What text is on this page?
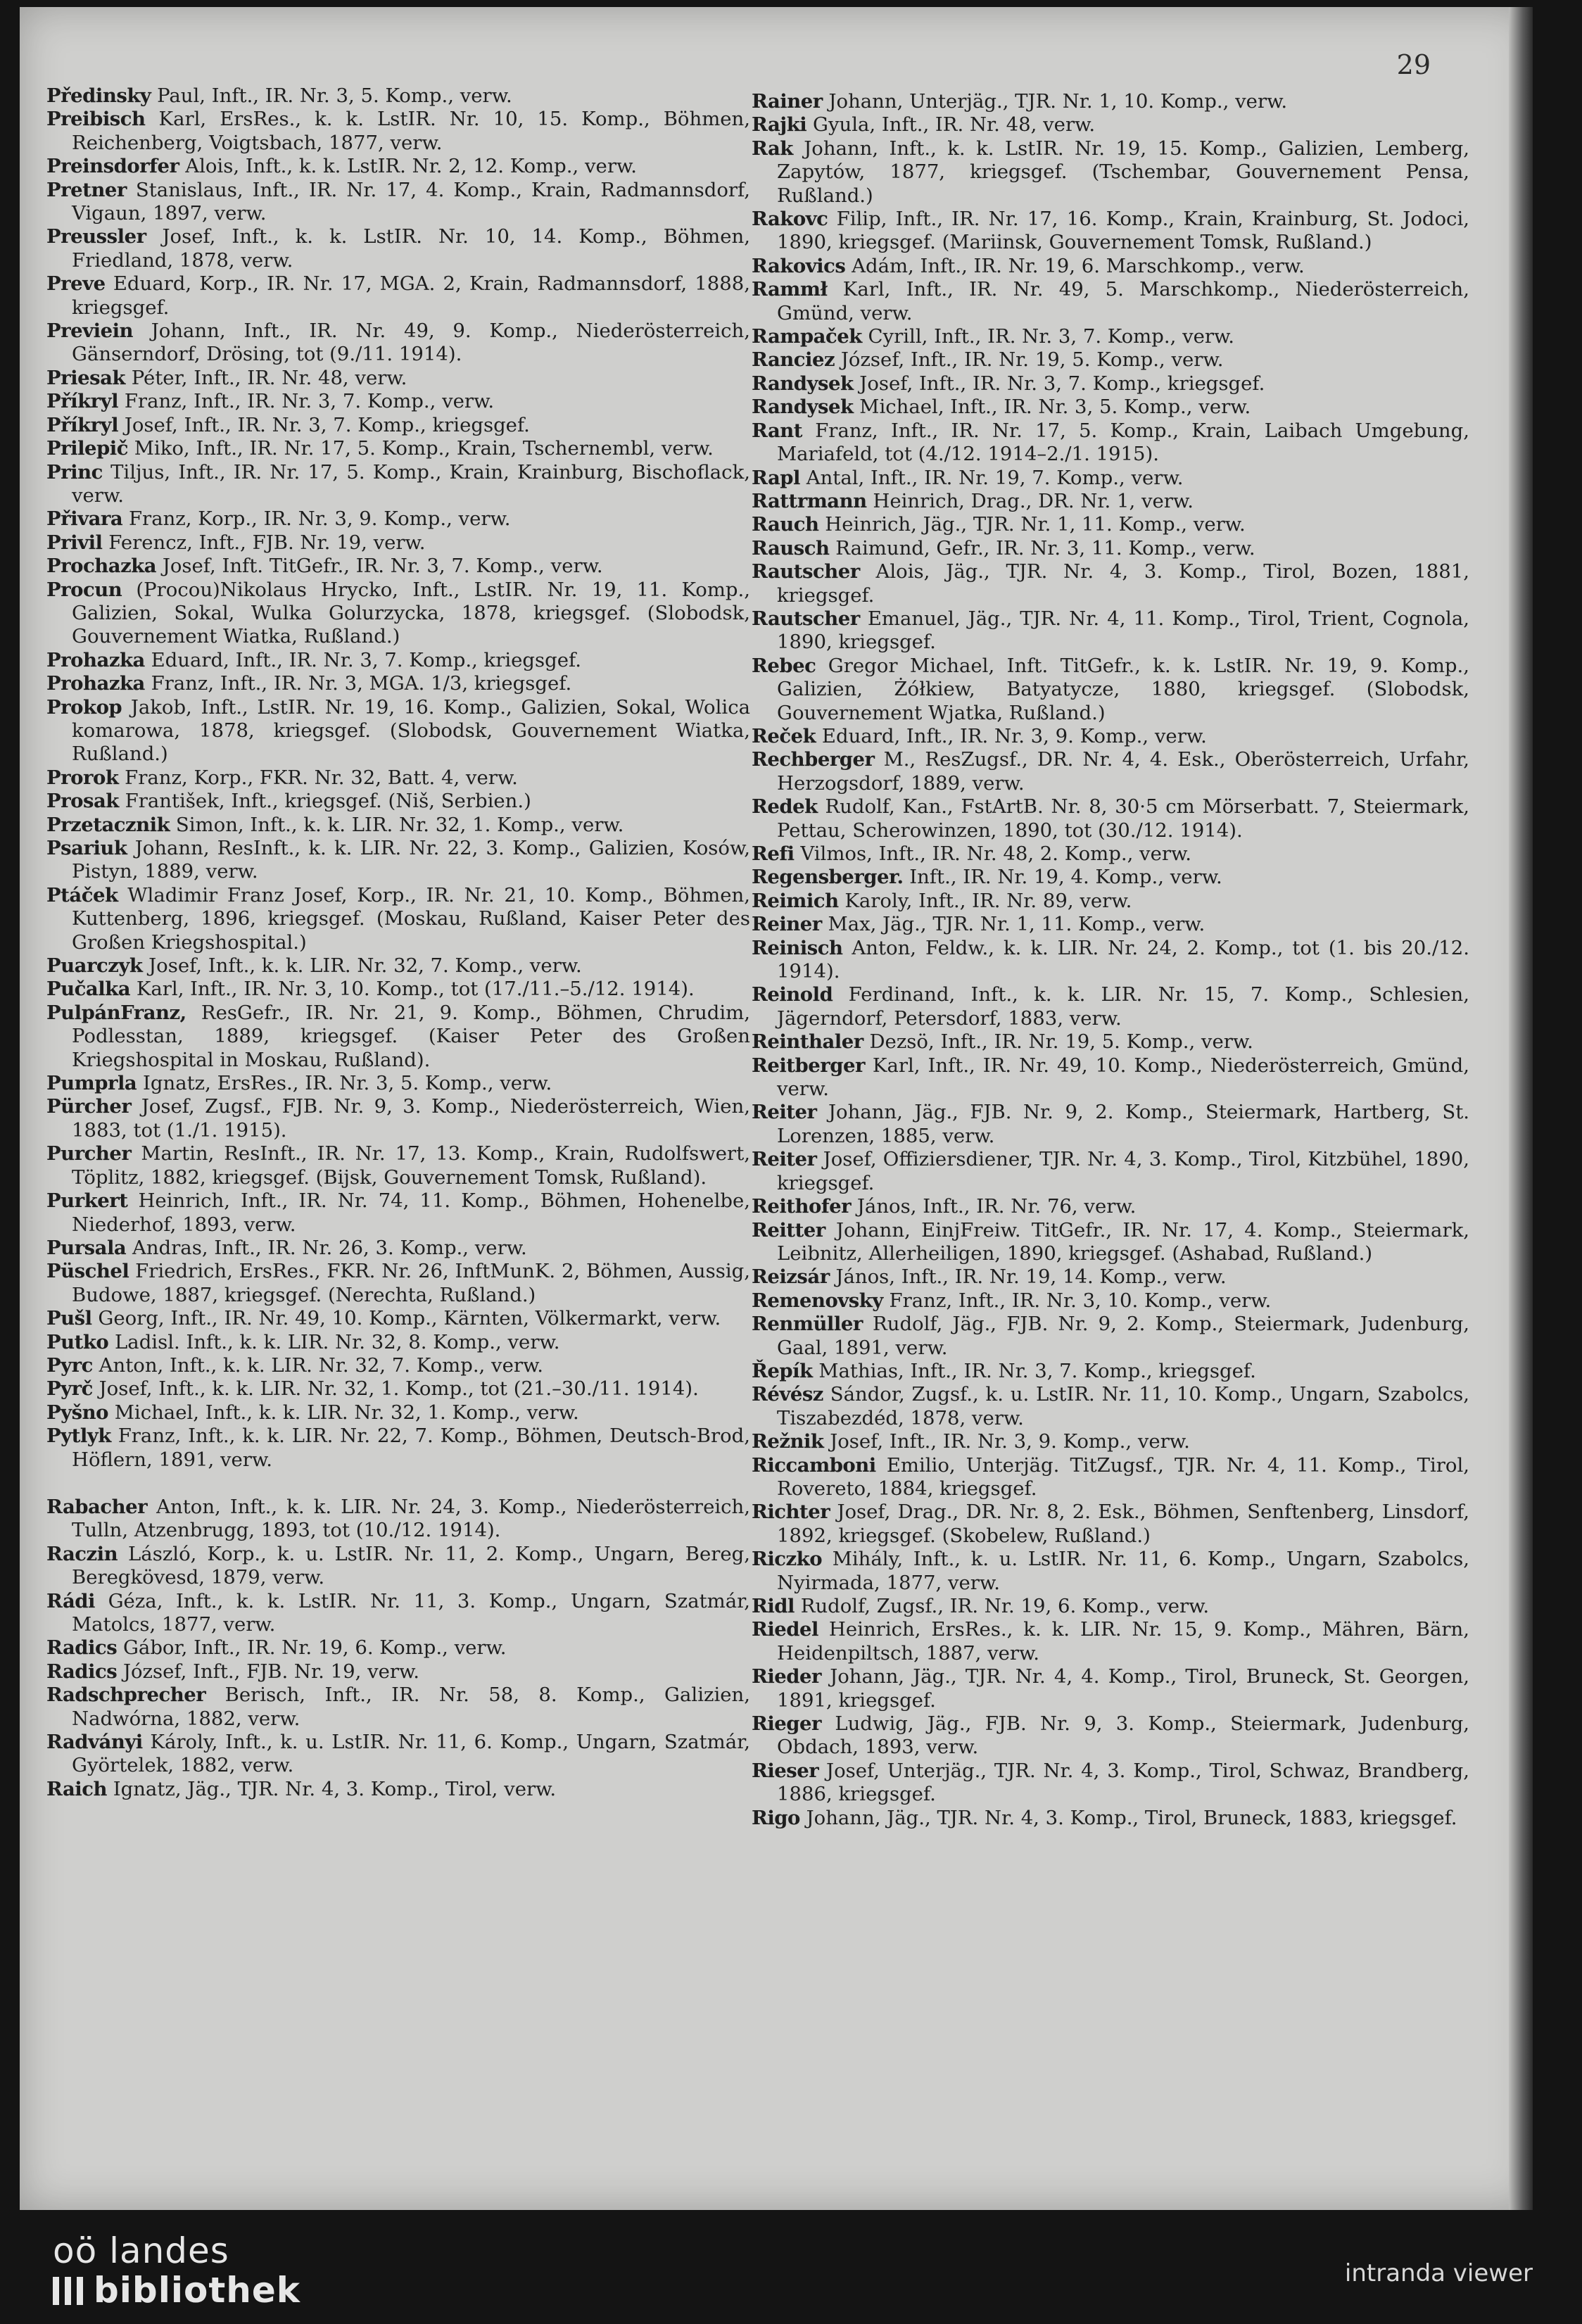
29

Předinsky Paul, Inft., IR. Nr. 3, 5. Komp., verw.

Preibisch Karl, ErsRes., k. k. LstIR. Nr. 10, 15. Komp., Böhmen, Reichenberg, Voigtsbach, 1877, verw.

Preinsdorfer Alois, Inft., k. k. LstIR. Nr. 2, 12. Komp., verw.

Pretner Stanislaus, Inft., IR. Nr. 17, 4. Komp., Krain, Radmannsdorf, Vigaun, 1897, verw.

Preussler Josef, Inft., k. k. LstIR. Nr. 10, 14. Komp., Böhmen, Friedland, 1878, verw.

Preve Eduard, Korp., IR. Nr. 17, MGA. 2, Krain, Radmannsdorf, 1888, kriegsgef.

Previein Johann, Inft., IR. Nr. 49, 9. Komp., Niederösterreich, Gänserndorf, Drösing, tot (9./11. 1914).

Priesak Péter, Inft., IR. Nr. 48, verw.

Příkryl Franz, Inft., IR. Nr. 3, 7. Komp., verw.

Příkryl Josef, Inft., IR. Nr. 3, 7. Komp., kriegsgef.

Prilepič Miko, Inft., IR. Nr. 17, 5. Komp., Krain, Tschernembl, verw.

Princ Tiljus, Inft., IR. Nr. 17, 5. Komp., Krain, Krainburg, Bischoflack, verw.

Přivara Franz, Korp., IR. Nr. 3, 9. Komp., verw.

Privil Ferencz, Inft., FJB. Nr. 19, verw.

Prochazka Josef, Inft. TitGefr., IR. Nr. 3, 7. Komp., verw.

Procun (Procou)Nikolaus Hrycko, Inft., LstIR. Nr. 19, 11. Komp., Galizien, Sokal, Wulka Golurzycka, 1878, kriegsgef. (Slobodsk, Gouvernement Wiatka, Rußland.)

Prohazka Eduard, Inft., IR. Nr. 3, 7. Komp., kriegsgef.

Prohazka Franz, Inft., IR. Nr. 3, MGA. 1/3, kriegsgef.

Prokop Jakob, Inft., LstIR. Nr. 19, 16. Komp., Galizien, Sokal, Wolica komarowa, 1878, kriegsgef. (Slobodsk, Gouvernement Wiatka, Rußland.)

Prorok Franz, Korp., FKR. Nr. 32, Batt. 4, verw.

Prosak František, Inft., kriegsgef. (Niš, Serbien.)

Przetacznik Simon, Inft., k. k. LIR. Nr. 32, 1. Komp., verw.

Psariuk Johann, ResInft., k. k. LIR. Nr. 22, 3. Komp., Galizien, Kosów, Pistyn, 1889, verw.

Ptáček Wladimir Franz Josef, Korp., IR. Nr. 21, 10. Komp., Böhmen, Kuttenberg, 1896, kriegsgef. (Moskau, Rußland, Kaiser Peter des Großen Kriegshospital.)

Puarczyk Josef, Inft., k. k. LIR. Nr. 32, 7. Komp., verw.

Pučalka Karl, Inft., IR. Nr. 3, 10. Komp., tot (17./11.–5./12. 1914).

PulpánFranz, ResGefr., IR. Nr. 21, 9. Komp., Böhmen, Chrudim, Podlesstan, 1889, kriegsgef. (Kaiser Peter des Großen Kriegshospital in Moskau, Rußland).

Pumprla Ignatz, ErsRes., IR. Nr. 3, 5. Komp., verw.

Pürcher Josef, Zugsf., FJB. Nr. 9, 3. Komp., Niederösterreich, Wien, 1883, tot (1./1. 1915).

Purcher Martin, ResInft., IR. Nr. 17, 13. Komp., Krain, Rudolfswert, Töplitz, 1882, kriegsgef. (Bijsk, Gouvernement Tomsk, Rußland).

Purkert Heinrich, Inft., IR. Nr. 74, 11. Komp., Böhmen, Hohenelbe, Niederhof, 1893, verw.

Pursala Andras, Inft., IR. Nr. 26, 3. Komp., verw.

Püschel Friedrich, ErsRes., FKR. Nr. 26, InftMunK. 2, Böhmen, Aussig, Budowe, 1887, kriegsgef. (Nerechta, Rußland.)

Pušl Georg, Inft., IR. Nr. 49, 10. Komp., Kärnten, Völkermarkt, verw.

Putko Ladisl. Inft., k. k. LIR. Nr. 32, 8. Komp., verw.

Pyrc Anton, Inft., k. k. LIR. Nr. 32, 7. Komp., verw.

Pyrč Josef, Inft., k. k. LIR. Nr. 32, 1. Komp., tot (21.–30./11. 1914).

Pyšno Michael, Inft., k. k. LIR. Nr. 32, 1. Komp., verw.

Pytlyk Franz, Inft., k. k. LIR. Nr. 22, 7. Komp., Böhmen, Deutsch-Brod, Höflern, 1891, verw.

Rabacher Anton, Inft., k. k. LIR. Nr. 24, 3. Komp., Niederösterreich, Tulln, Atzenbrugg, 1893, tot (10./12. 1914).

Raczin László, Korp., k. u. LstIR. Nr. 11, 2. Komp., Ungarn, Bereg, Beregkövesd, 1879, verw.

Rádi Géza, Inft., k. k. LstIR. Nr. 11, 3. Komp., Ungarn, Szatmár, Matolcs, 1877, verw.

Radics Gábor, Inft., IR. Nr. 19, 6. Komp., verw.

Radics József, Inft., FJB. Nr. 19, verw.

Radschprecher Berisch, Inft., IR. Nr. 58, 8. Komp., Galizien, Nadwórna, 1882, verw.

Radványi Károly, Inft., k. u. LstIR. Nr. 11, 6. Komp., Ungarn, Szatmár, Györtelek, 1882, verw.

Raich Ignatz, Jäg., TJR. Nr. 4, 3. Komp., Tirol, verw.

Rainer Johann, Unterjäg., TJR. Nr. 1, 10. Komp., verw.

Rajki Gyula, Inft., IR. Nr. 48, verw.

Rak Johann, Inft., k. k. LstIR. Nr. 19, 15. Komp., Galizien, Lemberg, Zapytów, 1877, kriegsgef. (Tschembar, Gouvernement Pensa, Rußland.)

Rakovc Filip, Inft., IR. Nr. 17, 16. Komp., Krain, Krainburg, St. Jodoci, 1890, kriegsgef. (Mariinsk, Gouvernement Tomsk, Rußland.)

Rakovics Adám, Inft., IR. Nr. 19, 6. Marschkomp., verw.

Rammł Karl, Inft., IR. Nr. 49, 5. Marschkomp., Niederösterreich, Gmünd, verw.

Rampaček Cyrill, Inft., IR. Nr. 3, 7. Komp., verw.

Ranciez József, Inft., IR. Nr. 19, 5. Komp., verw.

Randysek Josef, Inft., IR. Nr. 3, 7. Komp., kriegsgef.

Randysek Michael, Inft., IR. Nr. 3, 5. Komp., verw.

Rant Franz, Inft., IR. Nr. 17, 5. Komp., Krain, Laibach Umgebung, Mariafeld, tot (4./12. 1914–2./1. 1915).

Rapl Antal, Inft., IR. Nr. 19, 7. Komp., verw.

Rattrmann Heinrich, Drag., DR. Nr. 1, verw.

Rauch Heinrich, Jäg., TJR. Nr. 1, 11. Komp., verw.

Rausch Raimund, Gefr., IR. Nr. 3, 11. Komp., verw.

Rautscher Alois, Jäg., TJR. Nr. 4, 3. Komp., Tirol, Bozen, 1881, kriegsgef.

Rautscher Emanuel, Jäg., TJR. Nr. 4, 11. Komp., Tirol, Trient, Cognola, 1890, kriegsgef.

Rebec Gregor Michael, Inft. TitGefr., k. k. LstIR. Nr. 19, 9. Komp., Galizien, Żółkiew, Batyatycze, 1880, kriegsgef. (Slobodsk, Gouvernement Wjatka, Rußland.)

Reček Eduard, Inft., IR. Nr. 3, 9. Komp., verw.

Rechberger M., ResZugsf., DR. Nr. 4, 4. Esk., Oberösterreich, Urfahr, Herzogsdorf, 1889, verw.

Redek Rudolf, Kan., FstArtB. Nr. 8, 30·5 cm Mörserbatt. 7, Steiermark, Pettau, Scherowinzen, 1890, tot (30./12. 1914).

Refi Vilmos, Inft., IR. Nr. 48, 2. Komp., verw.

Regensberger. Inft., IR. Nr. 19, 4. Komp., verw.

Reimich Karoly, Inft., IR. Nr. 89, verw.

Reiner Max, Jäg., TJR. Nr. 1, 11. Komp., verw.

Reinisch Anton, Feldw., k. k. LIR. Nr. 24, 2. Komp., tot (1. bis 20./12. 1914).

Reinold Ferdinand, Inft., k. k. LIR. Nr. 15, 7. Komp., Schlesien, Jägerndorf, Petersdorf, 1883, verw.

Reinthaler Dezsö, Inft., IR. Nr. 19, 5. Komp., verw.

Reitberger Karl, Inft., IR. Nr. 49, 10. Komp., Niederösterreich, Gmünd, verw.

Reiter Johann, Jäg., FJB. Nr. 9, 2. Komp., Steiermark, Hartberg, St. Lorenzen, 1885, verw.

Reiter Josef, Offiziersdiener, TJR. Nr. 4, 3. Komp., Tirol, Kitzbühel, 1890, kriegsgef.

Reithofer János, Inft., IR. Nr. 76, verw.

Reitter Johann, EinjFreiw. TitGefr., IR. Nr. 17, 4. Komp., Steiermark, Leibnitz, Allerheiligen, 1890, kriegsgef. (Ashabad, Rußland.)

Reizsár János, Inft., IR. Nr. 19, 14. Komp., verw.

Remenovsky Franz, Inft., IR. Nr. 3, 10. Komp., verw.

Renmüller Rudolf, Jäg., FJB. Nr. 9, 2. Komp., Steiermark, Judenburg, Gaal, 1891, verw.

Řepík Mathias, Inft., IR. Nr. 3, 7. Komp., kriegsgef.

Révész Sándor, Zugsf., k. u. LstIR. Nr. 11, 10. Komp., Ungarn, Szabolcs, Tiszabezdéd, 1878, verw.

Režnik Josef, Inft., IR. Nr. 3, 9. Komp., verw.

Riccamboni Emilio, Unterjäg. TitZugsf., TJR. Nr. 4, 11. Komp., Tirol, Rovereto, 1884, kriegsgef.

Richter Josef, Drag., DR. Nr. 8, 2. Esk., Böhmen, Senftenberg, Linsdorf, 1892, kriegsgef. (Skobelew, Rußland.)

Riczko Mihály, Inft., k. u. LstIR. Nr. 11, 6. Komp., Ungarn, Szabolcs, Nyirmada, 1877, verw.

Ridl Rudolf, Zugsf., IR. Nr. 19, 6. Komp., verw.

Riedel Heinrich, ErsRes., k. k. LIR. Nr. 15, 9. Komp., Mähren, Bärn, Heidenpiltsch, 1887, verw.

Rieder Johann, Jäg., TJR. Nr. 4, 4. Komp., Tirol, Bruneck, St. Georgen, 1891, kriegsgef.

Rieger Ludwig, Jäg., FJB. Nr. 9, 3. Komp., Steiermark, Judenburg, Obdach, 1893, verw.

Rieser Josef, Unterjäg., TJR. Nr. 4, 3. Komp., Tirol, Schwaz, Brandberg, 1886, kriegsgef.

Rigo Johann, Jäg., TJR. Nr. 4, 3. Komp., Tirol, Bruneck, 1883, kriegsgef.

oö landes
bibliothek	intranda viewer
